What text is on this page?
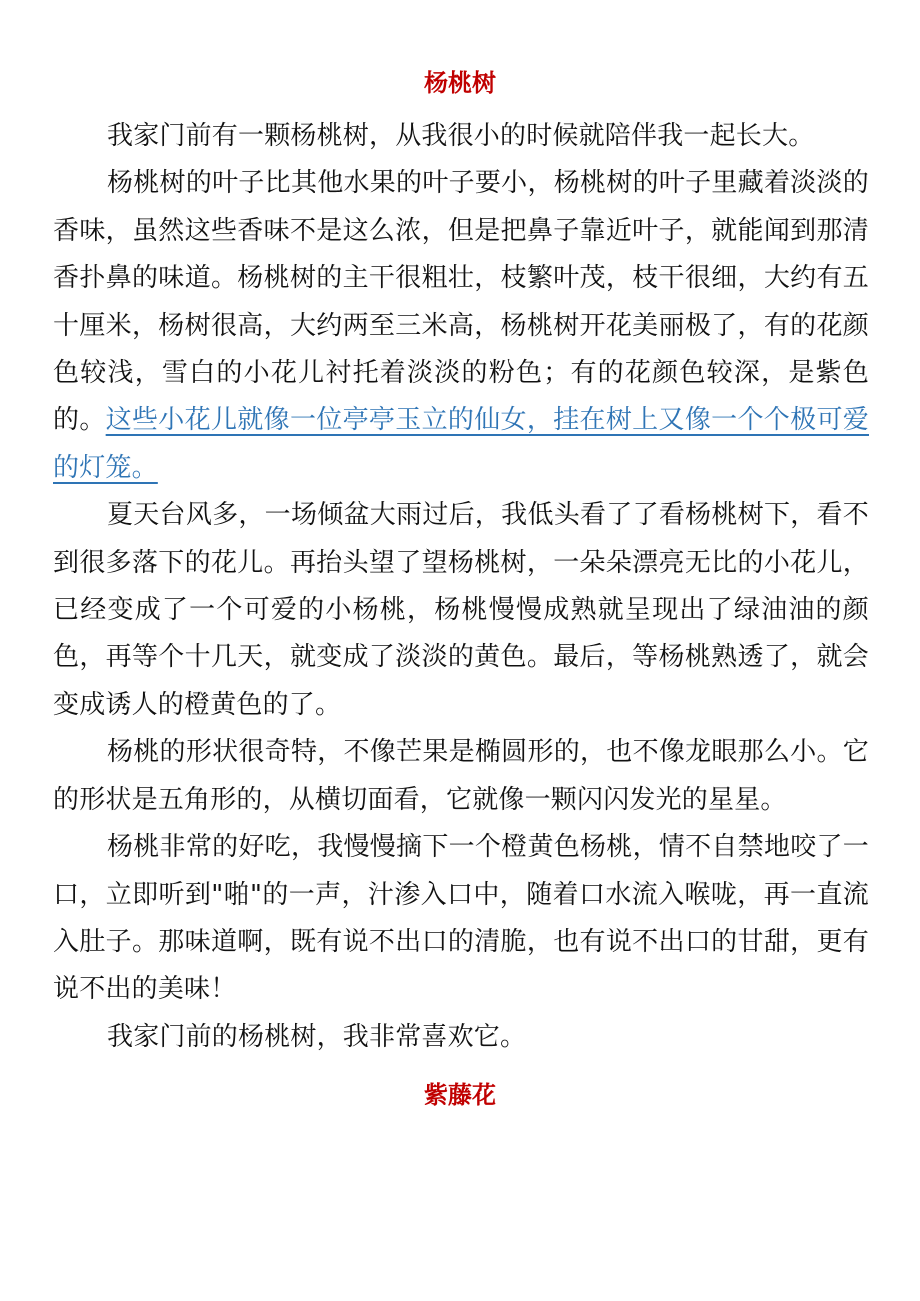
杨桃树

我家门前有一颗杨桃树，从我很小的时候就陪伴我一起长大。

杨桃树的叶子比其他水果的叶子要小，杨桃树的叶子里藏着淡淡的香味，虽然这些香味不是这么浓，但是把鼻子靠近叶子，就能闻到那清香扑鼻的味道。杨桃树的主干很粗壮，枝繁叶茂，枝干很细，大约有五十厘米，杨树很高，大约两至三米高，杨桃树开花美丽极了，有的花颜色较浅，雪白的小花儿衬托着淡淡的粉色；有的花颜色较深，是紫色的。这些小花儿就像一位亭亭玉立的仙女，挂在树上又像一个个极可爱的灯笼。

夏天台风多，一场倾盆大雨过后，我低头看了了看杨桃树下，看不到很多落下的花儿。再抬头望了望杨桃树，一朵朵漂亮无比的小花儿，已经变成了一个可爱的小杨桃，杨桃慢慢成熟就呈现出了绿油油的颜色，再等个十几天，就变成了淡淡的黄色。最后，等杨桃熟透了，就会变成诱人的橙黄色的了。

杨桃的形状很奇特，不像芒果是椭圆形的，也不像龙眼那么小。它的形状是五角形的，从横切面看，它就像一颗闪闪发光的星星。

杨桃非常的好吃，我慢慢摘下一个橙黄色杨桃，情不自禁地咬了一口，立即听到"啪"的一声，汁渗入口中，随着口水流入喉咙，再一直流入肚子。那味道啊，既有说不出口的清脆，也有说不出口的甘甜，更有说不出的美味！

我家门前的杨桃树，我非常喜欢它。

紫藤花
